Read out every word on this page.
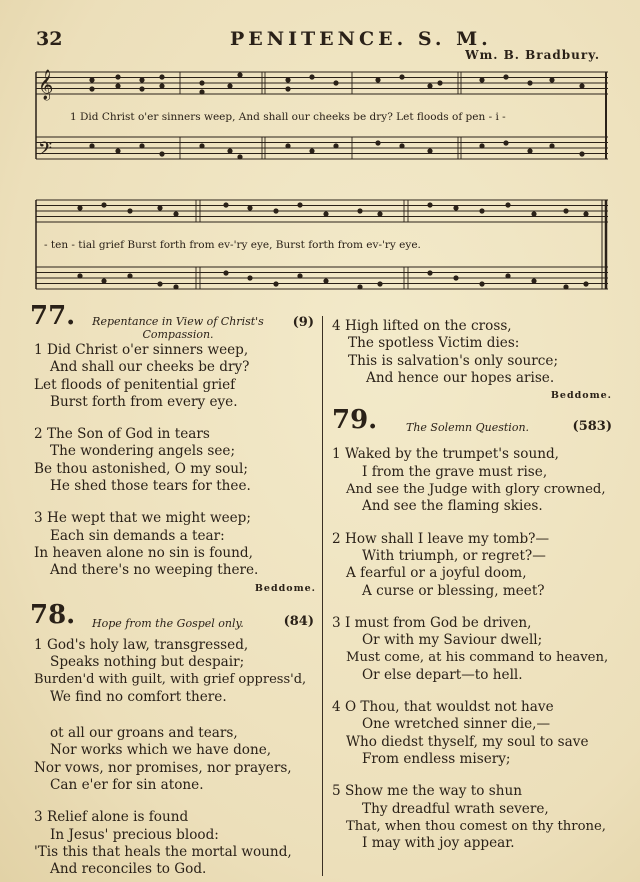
32	PENITENCE. S. M.
Wm. B. Bradbury.
𝄞
𝄢
1 Did Christ o'er sinners weep, And shall our cheeks be dry? Let floods of pen - i -
- ten - tial grief Burst forth from ev-'ry eye, Burst forth from ev-'ry eye.
77.	Repentance in View of Christ's
Compassion.
(9)

1 Did Christ o'er sinners weep,

And shall our cheeks be dry?

Let floods of penitential grief

Burst forth from every eye.

2 The Son of God in tears

The wondering angels see;

Be thou astonished, O my soul;

He shed those tears for thee.

3 He wept that we might weep;

Each sin demands a tear:

In heaven alone no sin is found,

And there's no weeping there.

Beddome.

78. Hope from the Gospel only.	(84)

1 God's holy law, transgressed,

Speaks nothing but despair;

Burden'd with guilt, with grief oppress'd,

We find no comfort there.

ot all our groans and tears,

Nor works which we have done,

Nor vows, nor promises, nor prayers,

Can e'er for sin atone.

3 Relief alone is found

In Jesus' precious blood:

'Tis this that heals the mortal wound,

And reconciles to God.

4 High lifted on the cross,

The spotless Victim dies:

This is salvation's only source;

And hence our hopes arise.

Beddome.

79.	The Solemn Question.	(583)

1 Waked by the trumpet's sound,

I from the grave must rise,

And see the Judge with glory crowned,

And see the flaming skies.

2 How shall I leave my tomb?—

With triumph, or regret?—

A fearful or a joyful doom,

A curse or blessing, meet?

3 I must from God be driven,

Or with my Saviour dwell;

Must come, at his command to heaven,

Or else depart—to hell.

4 O Thou, that wouldst not have

One wretched sinner die,—

Who diedst thyself, my soul to save

From endless misery;

5 Show me the way to shun

Thy dreadful wrath severe,

That, when thou comest on thy throne,

I may with joy appear.
